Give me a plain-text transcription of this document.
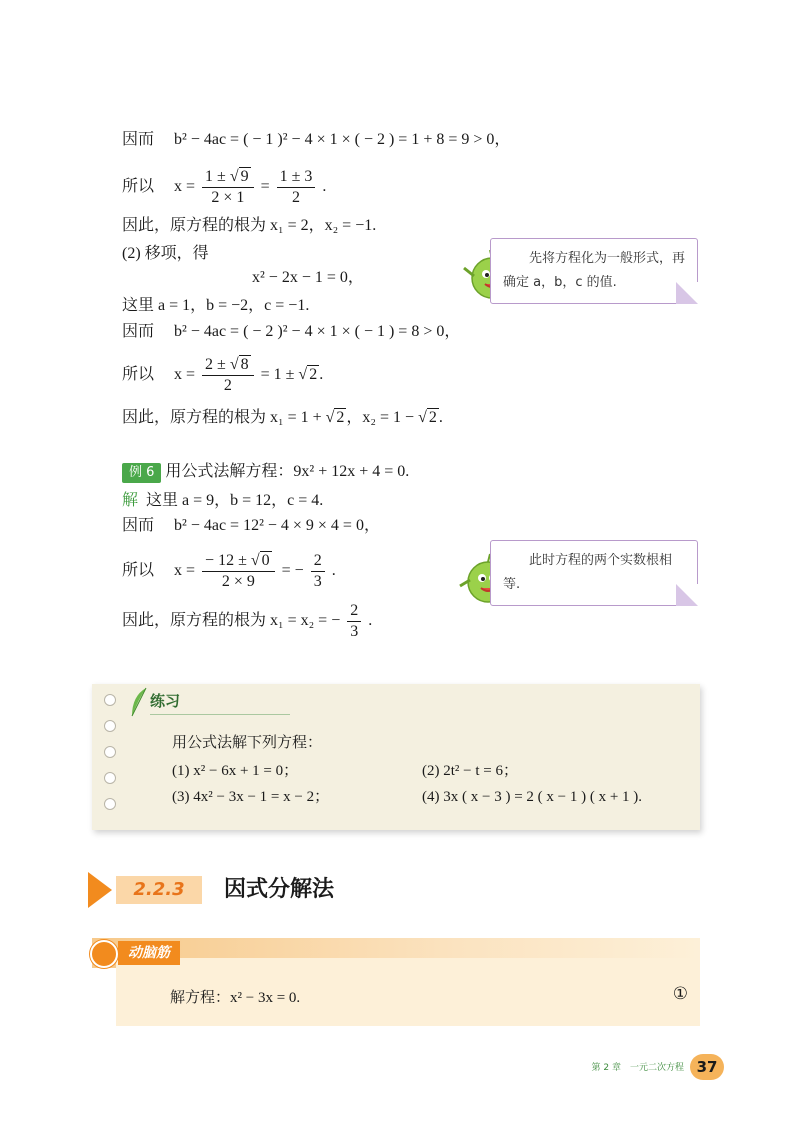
因而 b² − 4ac = ( − 1 )² − 4 × 1 × ( − 2 ) = 1 + 8 = 9 > 0，
所以 $x = \frac{1 \pm √ 9}{2 \times 1} = \frac{1 \pm 3}{2}$ .
因此，原方程的根为 x₁ = 2，x₂ = −1.
(2) 移项，得
x² − 2x − 1 = 0，
这里 a = 1，b = −2，c = −1.
因而 b² − 4ac = ( − 2 )² − 4 × 1 × ( − 1 ) = 8 > 0，
所以 $x = \frac{2 \pm √ 8}{2} = 1$ ± √ 2 .
因此，原方程的根为 x₁ = 1 + √ 2 ，x₂ = 1 − √ 2 .
例 6 用公式法解方程：9x² + 12x + 4 = 0.
解 这里 a = 9，b = 12，c = 4.
因而 b² − 4ac = 12² − 4 × 9 × 4 = 0，
所以 $x = \frac{- 12 \pm √ 0}{2 \times 9}$ = − $\frac{2}{3}$ .
因此，原方程的根为 x₁ = x₂ = − $\frac{2}{3}$ .
先将方程化为一般形式，再确定 a，b，c 的值.
此时方程的两个实数根相等.
练习
用公式法解下列方程：
(1) x² − 6x + 1 = 0；	(2) 2t² − t = 6；
(3) 4x² − 3x − 1 = x − 2；	(4) 3x ( x − 3 ) = 2 ( x − 1 ) ( x + 1 ).
2.2.3	因式分解法
解方程：x² − 3x = 0.	①
动脑筋
第 2 章　一元二次方程 37
